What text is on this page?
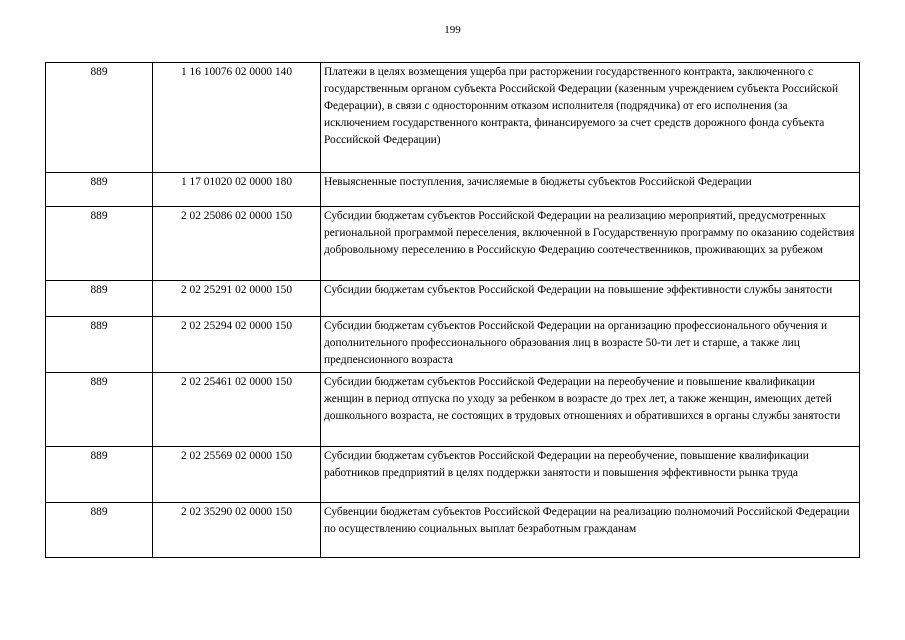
199
889	1 16 10076 02 0000 140	Платежи в целях возмещения ущерба при расторжении государственного контракта, заключенного с государственным органом субъекта Российской Федерации (казенным учреждением субъекта Российской Федерации), в связи с односторонним отказом исполнителя (подрядчика) от его исполнения (за исключением государственного контракта, финансируемого за счет средств дорожного фонда субъекта Российской Федерации)
889	1 17 01020 02 0000 180	Невыясненные поступления, зачисляемые в бюджеты субъектов Российской Федерации
889	2 02 25086 02 0000 150	Субсидии бюджетам субъектов Российской Федерации на реализацию мероприятий, предусмотренных региональной программой переселения, включенной в Государственную программу по оказанию содействия добровольному переселению в Российскую Федерацию соотечественников, проживающих за рубежом
889	2 02 25291 02 0000 150	Субсидии бюджетам субъектов Российской Федерации на повышение эффективности службы занятости
889	2 02 25294 02 0000 150	Субсидии бюджетам субъектов Российской Федерации на организацию профессионального обучения и дополнительного профессионального образования лиц в возрасте 50-ти лет и старше, а также лиц предпенсионного возраста
889	2 02 25461 02 0000 150	Субсидии бюджетам субъектов Российской Федерации на переобучение и повышение квалификации женщин в период отпуска по уходу за ребенком в возрасте до трех лет, а также женщин, имеющих детей дошкольного возраста, не состоящих в трудовых отношениях и обратившихся в органы службы занятости
889	2 02 25569 02 0000 150	Субсидии бюджетам субъектов Российской Федерации на переобучение, повышение квалификации работников предприятий в целях поддержки занятости и повышения эффективности рынка труда
889	2 02 35290 02 0000 150	Субвенции бюджетам субъектов Российской Федерации на реализацию полномочий Российской Федерации по осуществлению социальных выплат безработным гражданам
